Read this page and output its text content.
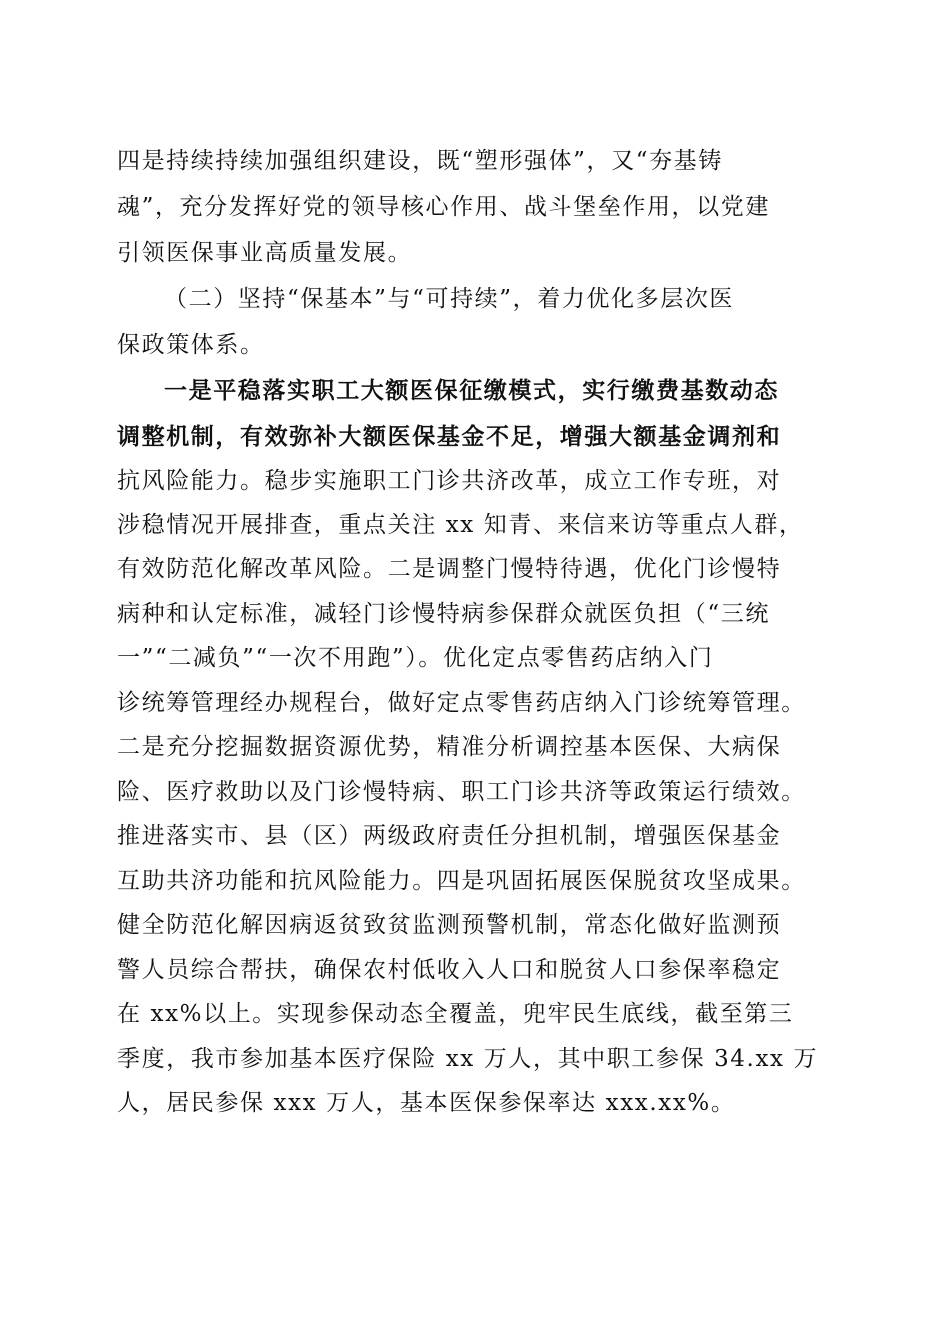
四是持续持续加强组织建设，既“塑形强体”，又“夯基铸
魂”，充分发挥好党的领导核心作用、战斗堡垒作用，以党建
引领医保事业高质量发展。
（二）坚持“保基本”与“可持续”，着力优化多层次医
保政策体系。
一是平稳落实职工大额医保征缴模式，实行缴费基数动态
调整机制，有效弥补大额医保基金不足，增强大额基金调剂和
抗风险能力。稳步实施职工门诊共济改革，成立工作专班，对
涉稳情况开展排查，重点关注 xx 知青、来信来访等重点人群，
有效防范化解改革风险。二是调整门慢特待遇，优化门诊慢特
病种和认定标准，减轻门诊慢特病参保群众就医负担（“三统
一”“二减负”“一次不用跑”）。优化定点零售药店纳入门
诊统筹管理经办规程台，做好定点零售药店纳入门诊统筹管理。
二是充分挖掘数据资源优势，精准分析调控基本医保、大病保
险、医疗救助以及门诊慢特病、职工门诊共济等政策运行绩效。
推进落实市、县（区）两级政府责任分担机制，增强医保基金
互助共济功能和抗风险能力。四是巩固拓展医保脱贫攻坚成果。
健全防范化解因病返贫致贫监测预警机制，常态化做好监测预
警人员综合帮扶，确保农村低收入人口和脱贫人口参保率稳定
在 xx%以上。实现参保动态全覆盖，兜牢民生底线，截至第三
季度，我市参加基本医疗保险 xx 万人，其中职工参保 34.xx 万
人，居民参保 xxx 万人，基本医保参保率达 xxx.xx%。
